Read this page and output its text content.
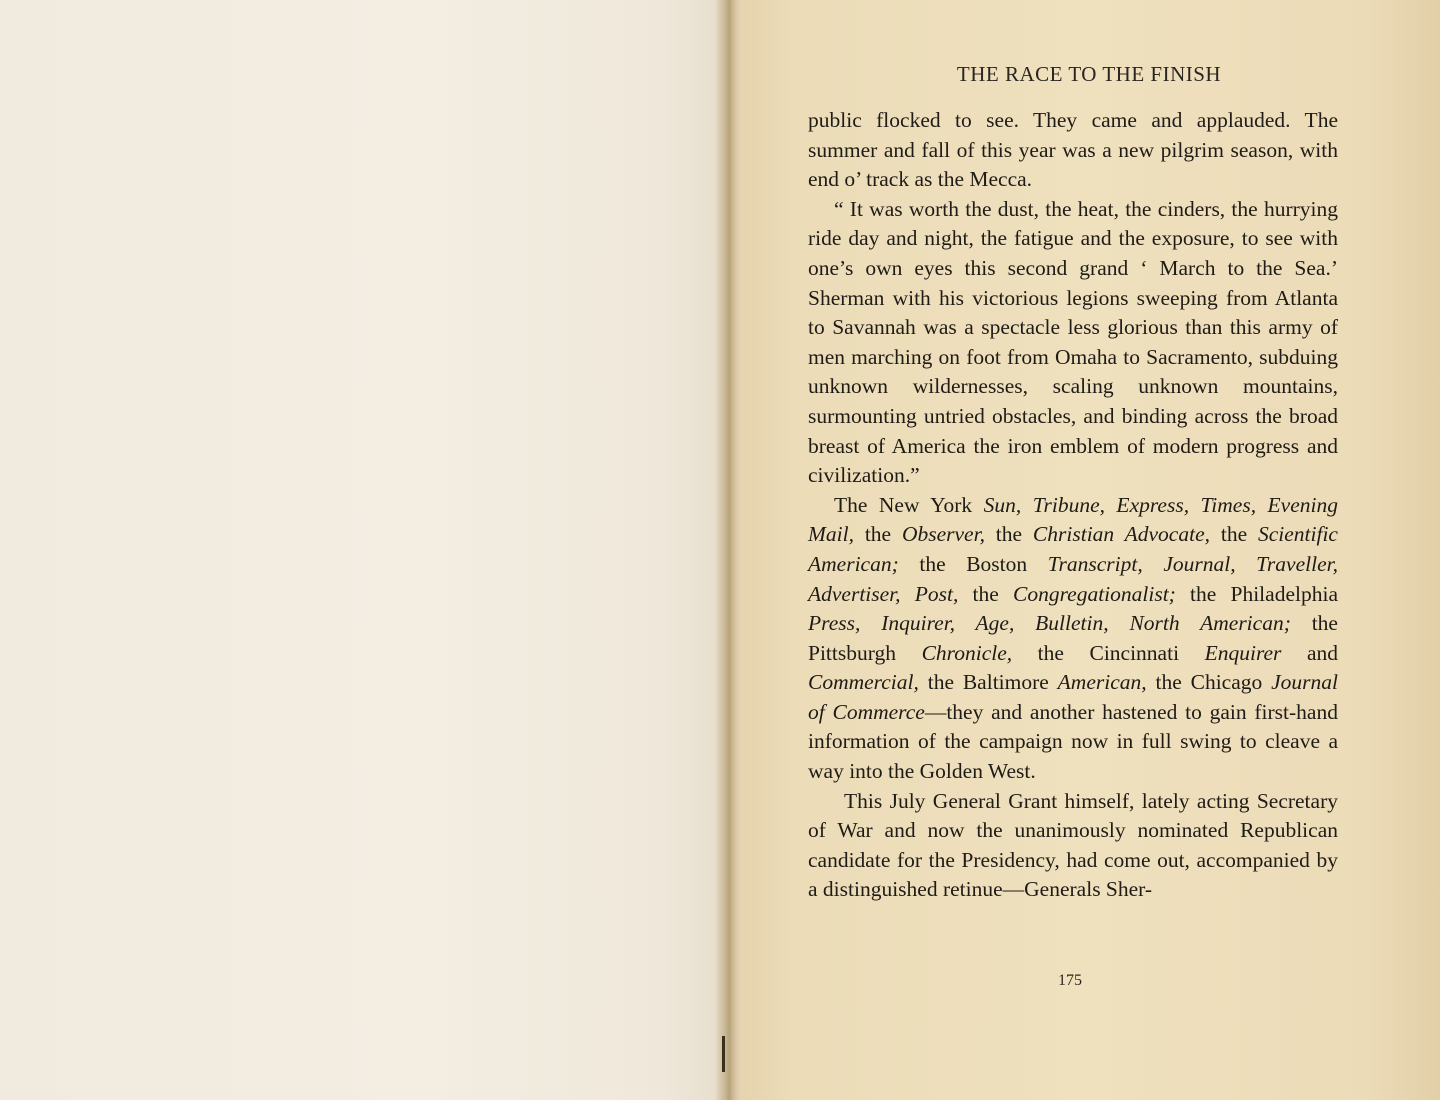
THE RACE TO THE FINISH

public flocked to see. They came and applauded. The summer and fall of this year was a new pilgrim season, with end o’ track as the Mecca.

“ It was worth the dust, the heat, the cinders, the hurrying ride day and night, the fatigue and the exposure, to see with one’s own eyes this second grand ‘ March to the Sea.’ Sherman with his victorious legions sweeping from Atlanta to Savannah was a spectacle less glorious than this army of men marching on foot from Omaha to Sacramento, subduing unknown wildernesses, scaling unknown mountains, surmounting untried obstacles, and binding across the broad breast of America the iron emblem of modern progress and civilization.”

The New York Sun, Tribune, Express, Times, Evening Mail, the Observer, the Christian Advocate, the Scientific American; the Boston Transcript, Journal, Traveller, Advertiser, Post, the Congregationalist; the Philadelphia Press, Inquirer, Age, Bulletin, North American; the Pittsburgh Chronicle, the Cincinnati Enquirer and Commercial, the Baltimore American, the Chicago Journal of Commerce—they and another hastened to gain first-hand information of the campaign now in full swing to cleave a way into the Golden West.

This July General Grant himself, lately acting Secretary of War and now the unanimously nominated Republican candidate for the Presidency, had come out, accompanied by a distinguished retinue—Generals Sher-

175
